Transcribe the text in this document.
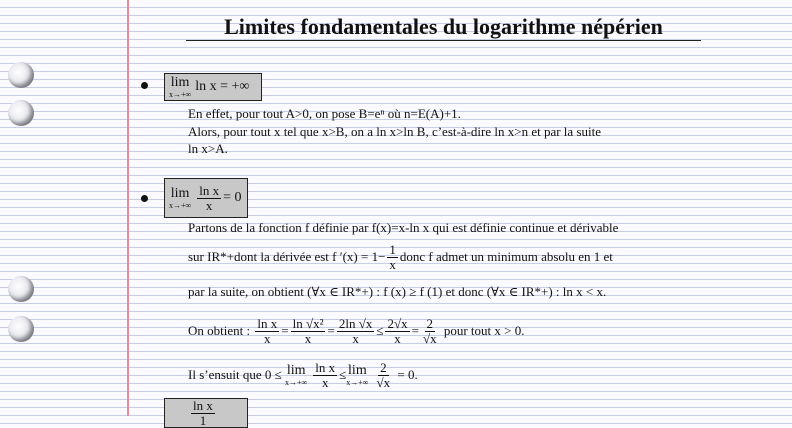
Limites fondamentales du logarithme népérien
lim
x→+∞ ln x = +∞
En effet, pour tout A>0, on pose B=eⁿ où n=E(A)+1.
Alors, pour tout x tel que x>B, on a ln x>ln B, c’est-à-dire ln x>n et par la suite
ln x>A.
lim
$x\to+\infty \frac{\text{ln x}}{x} = 0$
Partons de la fonction f définie par f(x)=x-ln x qui est définie continue et dérivable
sur IR*+dont la dérivée est f $'(x) = 1- \frac{1}{x}$ donc f admet un minimum absolu en 1 et
par la suite, on obtient (∀x ∈ IR*+) : f (x) ≥ f (1) et donc (∀x ∈ IR*+) : ln x < x.
On obtient :
$\frac{\text{ln x}}{x} = \frac{\text{ln √x²}}{x} = \frac{2\ln √x}{x} \le \frac{2√x}{x} = \frac{2}{√x}$
pour tout x > 0.
Il s’ensuit que 0 ≤
lim
$x\to+\infty \frac{\text{ln x}}{x} \le \lim$
$x\to+\infty \frac{2}{√x}$
= 0.
$\frac{\text{ln x}}{1}$
